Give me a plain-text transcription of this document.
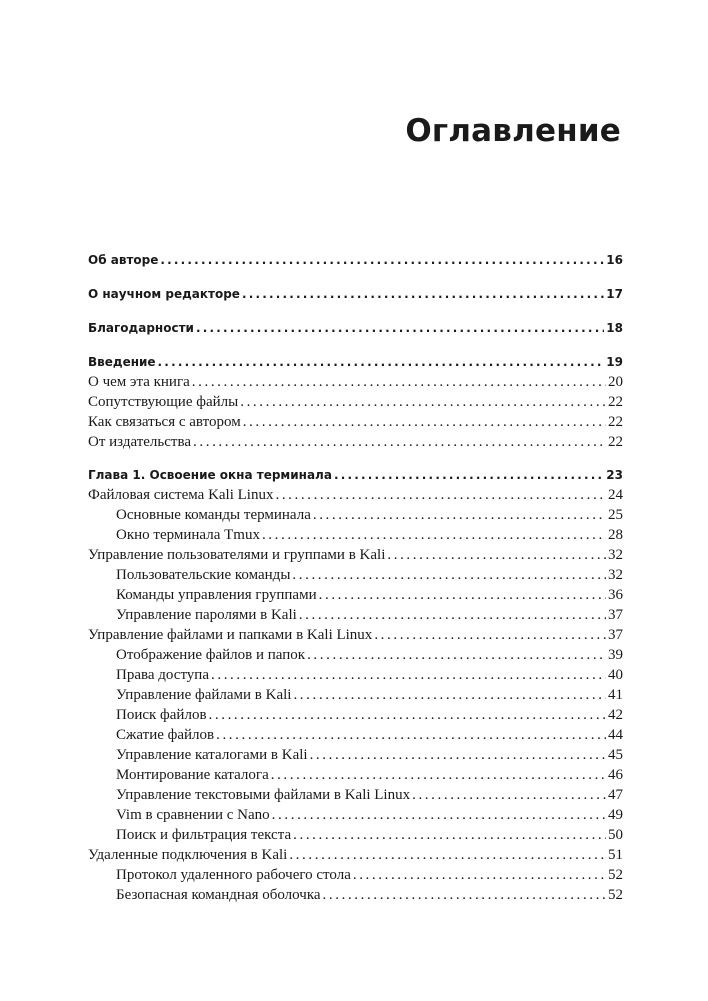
Оглавление
Об авторе .....	16
О научном редакторе .....	17
Благодарности .....	18
Введение .....	19
О чем эта книга .....	20
Сопутствующие файлы .....	22
Как связаться с автором .....	22
От издательства .....	22
Глава 1. Освоение окна терминала .....	23
Файловая система Kali Linux .....	24
Основные команды терминала .....	25
Окно терминала Tmux .....	28
Управление пользователями и группами в Kali .....	32
Пользовательские команды .....	32
Команды управления группами .....	36
Управление паролями в Kali .....	37
Управление файлами и папками в Kali Linux .....	37
Отображение файлов и папок .....	39
Права доступа .....	40
Управление файлами в Kali .....	41
Поиск файлов .....	42
Сжатие файлов .....	44
Управление каталогами в Kali .....	45
Монтирование каталога .....	46
Управление текстовыми файлами в Kali Linux .....	47
Vim в сравнении с Nano .....	49
Поиск и фильтрация текста .....	50
Удаленные подключения в Kali .....	51
Протокол удаленного рабочего стола .....	52
Безопасная командная оболочка .....	52
